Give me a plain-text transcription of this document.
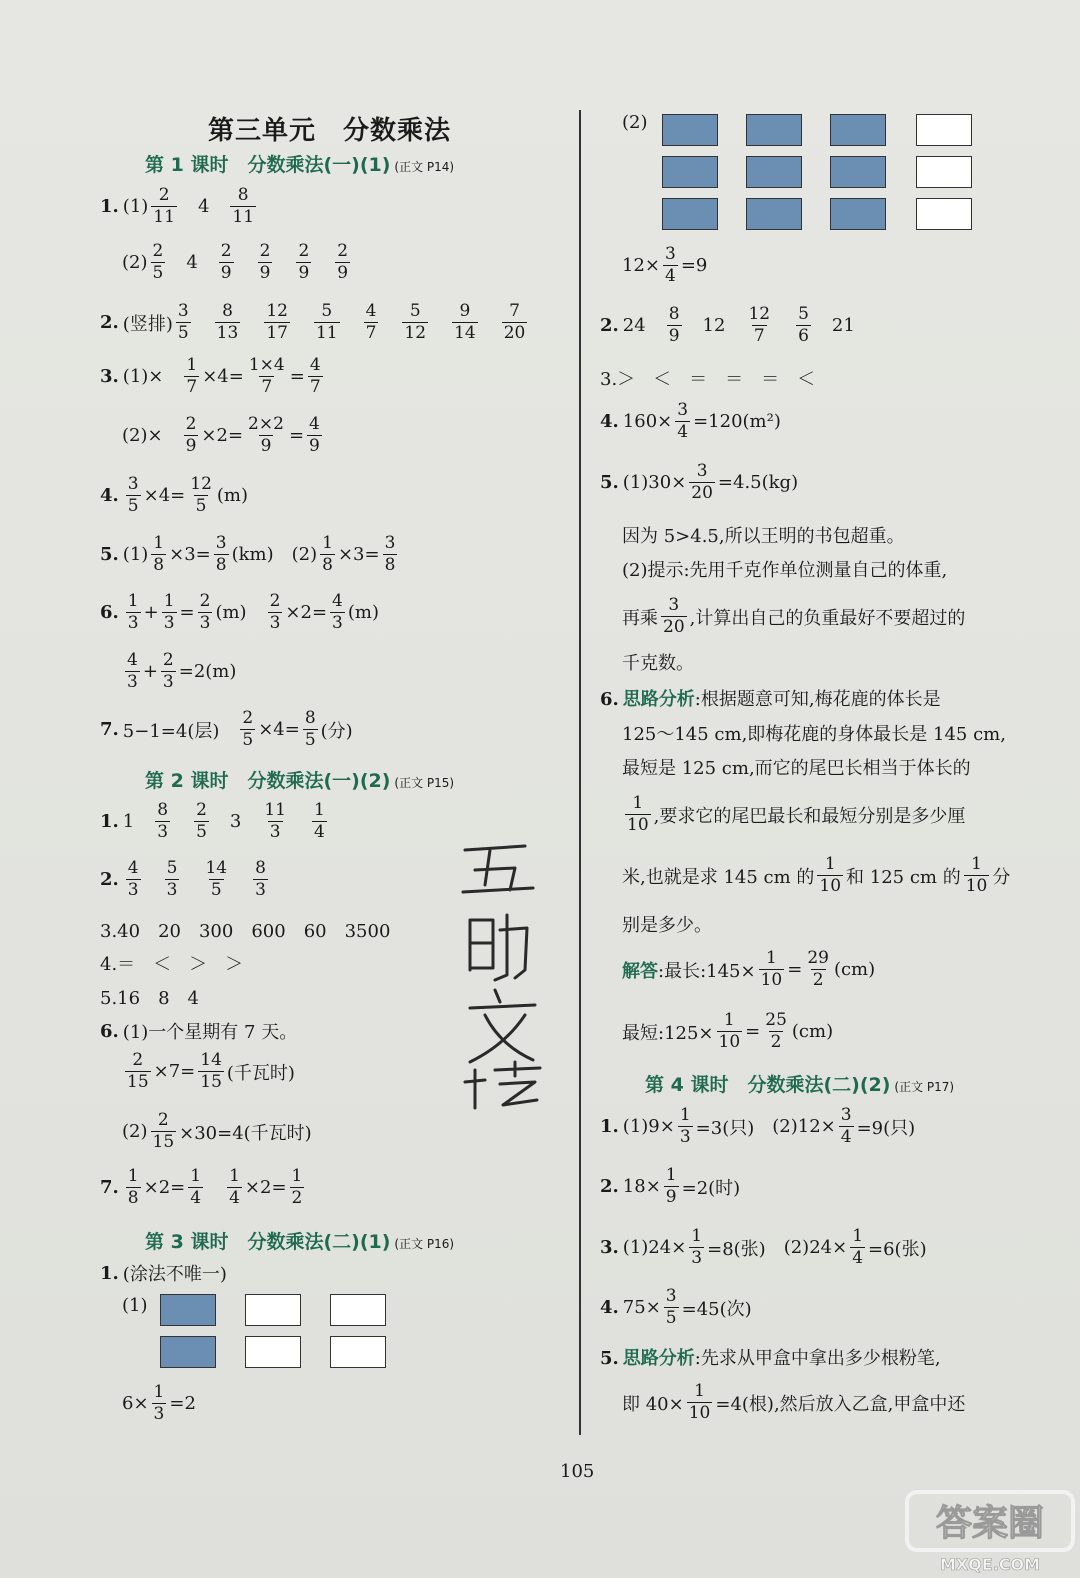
第三单元　分数乘法
第 1 课时　分数乘法(一)(1) (正文 P14)
1. $(1) \frac{2}{11} 4 \frac{8}{11}$
$(2) \frac{2}{5} 4 \frac{2}{9} \frac{2}{9} \frac{2}{9} \frac{2}{9}$
2. (竖排) $\frac{3}{5} \frac{8}{13} \frac{12}{17} \frac{5}{11} \frac{4}{7} \frac{5}{12} \frac{9}{14} \frac{7}{20}$
3. $(1)\times \frac{1}{7} \times 4= \frac{1\times 4}{7} = \frac{4}{7}$
$(2)\times \frac{2}{9} \times 2= \frac{2\times 2}{9} = \frac{4}{9}$
4. $\frac{3}{5} \times 4= \frac{12}{5} (m)$
5. $(1) \frac{1}{8} \times 3= \frac{3}{8} (km)$ $(2) \frac{1}{8} \times 3= \frac{3}{8}$
6. $\frac{1}{3} + \frac{1}{3} = \frac{2}{3} (m) \frac{2}{3} \times 2= \frac{4}{3} (m)$
$\frac{4}{3} + \frac{2}{3} =2(m)$
7. 5−1=4(层) $\frac{2}{5} \times 4= \frac{8}{5}$ (分)
第 2 课时　分数乘法(一)(2) (正文 P15)
1. $1 \frac{8}{3} \frac{2}{5} 3 \frac{11}{3} \frac{1}{4}$
2. $\frac{4}{3} \frac{5}{3} \frac{14}{5} \frac{8}{3}$
3.40　20　300　600　60　3500
4.＝　＜　＞　＞
5.16　8　4
6. (1)一个星期有 7 天。
$\frac{2}{15} \times 7= \frac{14}{15}$ (千瓦时)
$(2) \frac{2}{15} \times 30=4$(千瓦时)
7. $\frac{1}{8} \times 2= \frac{1}{4} \frac{1}{4} \times 2= \frac{1}{2}$
第 3 课时　分数乘法(二)(1) (正文 P16)
1. (涂法不唯一)
(1)
$6\times \frac{1}{3} =2$
(2)
$12\times \frac{3}{4} =9$
2. $24 \frac{8}{9} 12 \frac{12}{7} \frac{5}{6} 21$
3.＞　＜　＝　＝　＝　＜
4. $160\times \frac{3}{4} =120(m^2)$
5. $(1)30\times \frac{3}{20} =4.5(kg)$
因为 5>4.5,所以王明的书包超重。
(2)提示:先用千克作单位测量自己的体重,
再乘 $\frac{3}{20}$ ,计算出自己的负重最好不要超过的
千克数。
6. 思路分析:根据题意可知,梅花鹿的体长是
125～145 cm,即梅花鹿的身体最长是 145 cm,
最短是 125 cm,而它的尾巴长相当于体长的
$\frac{1}{10}$ ,要求它的尾巴最长和最短分别是多少厘
米,也就是求 145 cm 的 $\frac{1}{10}$ 和 125 cm 的 $\frac{1}{10}$ 分
别是多少。
解答 :最长:145× $\frac{1}{10} = \frac{29}{2} (cm)$
最短:125× $\frac{1}{10} = \frac{25}{2} (cm)$
第 4 课时　分数乘法(二)(2) (正文 P17)
1. $(1)9\times \frac{1}{3} =3$(只) $(2)12\times \frac{3}{4} =9$(只)
2. $18\times \frac{1}{9} =2$(时)
3. $(1)24\times \frac{1}{3} =8$(张) $(2)24\times \frac{1}{4} =6$(张)
4. $75\times \frac{3}{5} =45$(次)
5. 思路分析:先求从甲盒中拿出多少根粉笔,
即 $40\times \frac{1}{10} =4$(根),然后放入乙盒,甲盒中还
105
答案圈
MXQE.COM
